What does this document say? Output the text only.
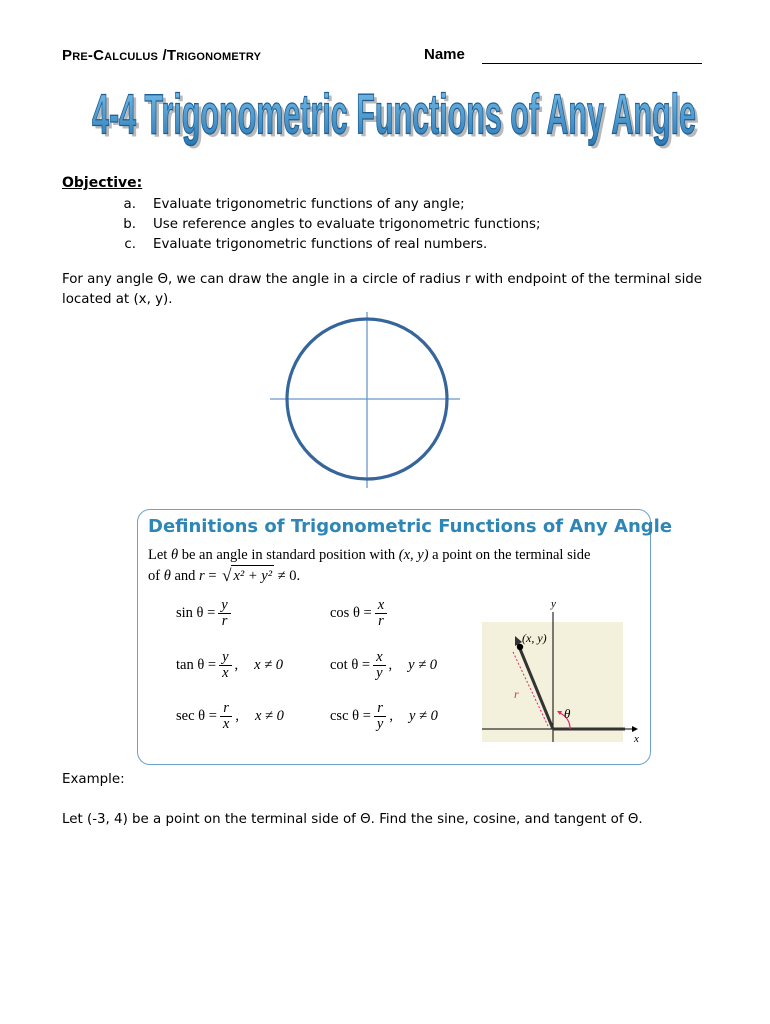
PRE-CALCULUS /TRIGONOMETRY	Name
4-4 Trigonometric Functions of Any Angle
4-4 Trigonometric Functions of Any Angle
Objective:
a.	Evaluate trigonometric functions of any angle;
b.	Use reference angles to evaluate trigonometric functions;
c.	Evaluate trigonometric functions of real numbers.
For any angle Θ, we can draw the angle in a circle of radius r with endpoint of the terminal side located at (x, y).
Definitions of Trigonometric Functions of Any Angle
Let θ be an angle in standard position with (x, y) a point on the terminal side
of θ and r = √ x² + y² ≠ 0.
$\sin \theta = \frac{y}{r}$	$\cos \theta = \frac{x}{r}$
$\tan \theta = \frac{y}{x}$ , x ≠ 0	$\cot \theta = \frac{x}{y}$ , y ≠ 0
$\sec \theta = \frac{r}{x}$ , x ≠ 0	$\csc \theta = \frac{r}{y}$ , y ≠ 0
y
x
(x, y)
r
θ
Example:
Let (-3, 4) be a point on the terminal side of Θ. Find the sine, cosine, and tangent of Θ.
